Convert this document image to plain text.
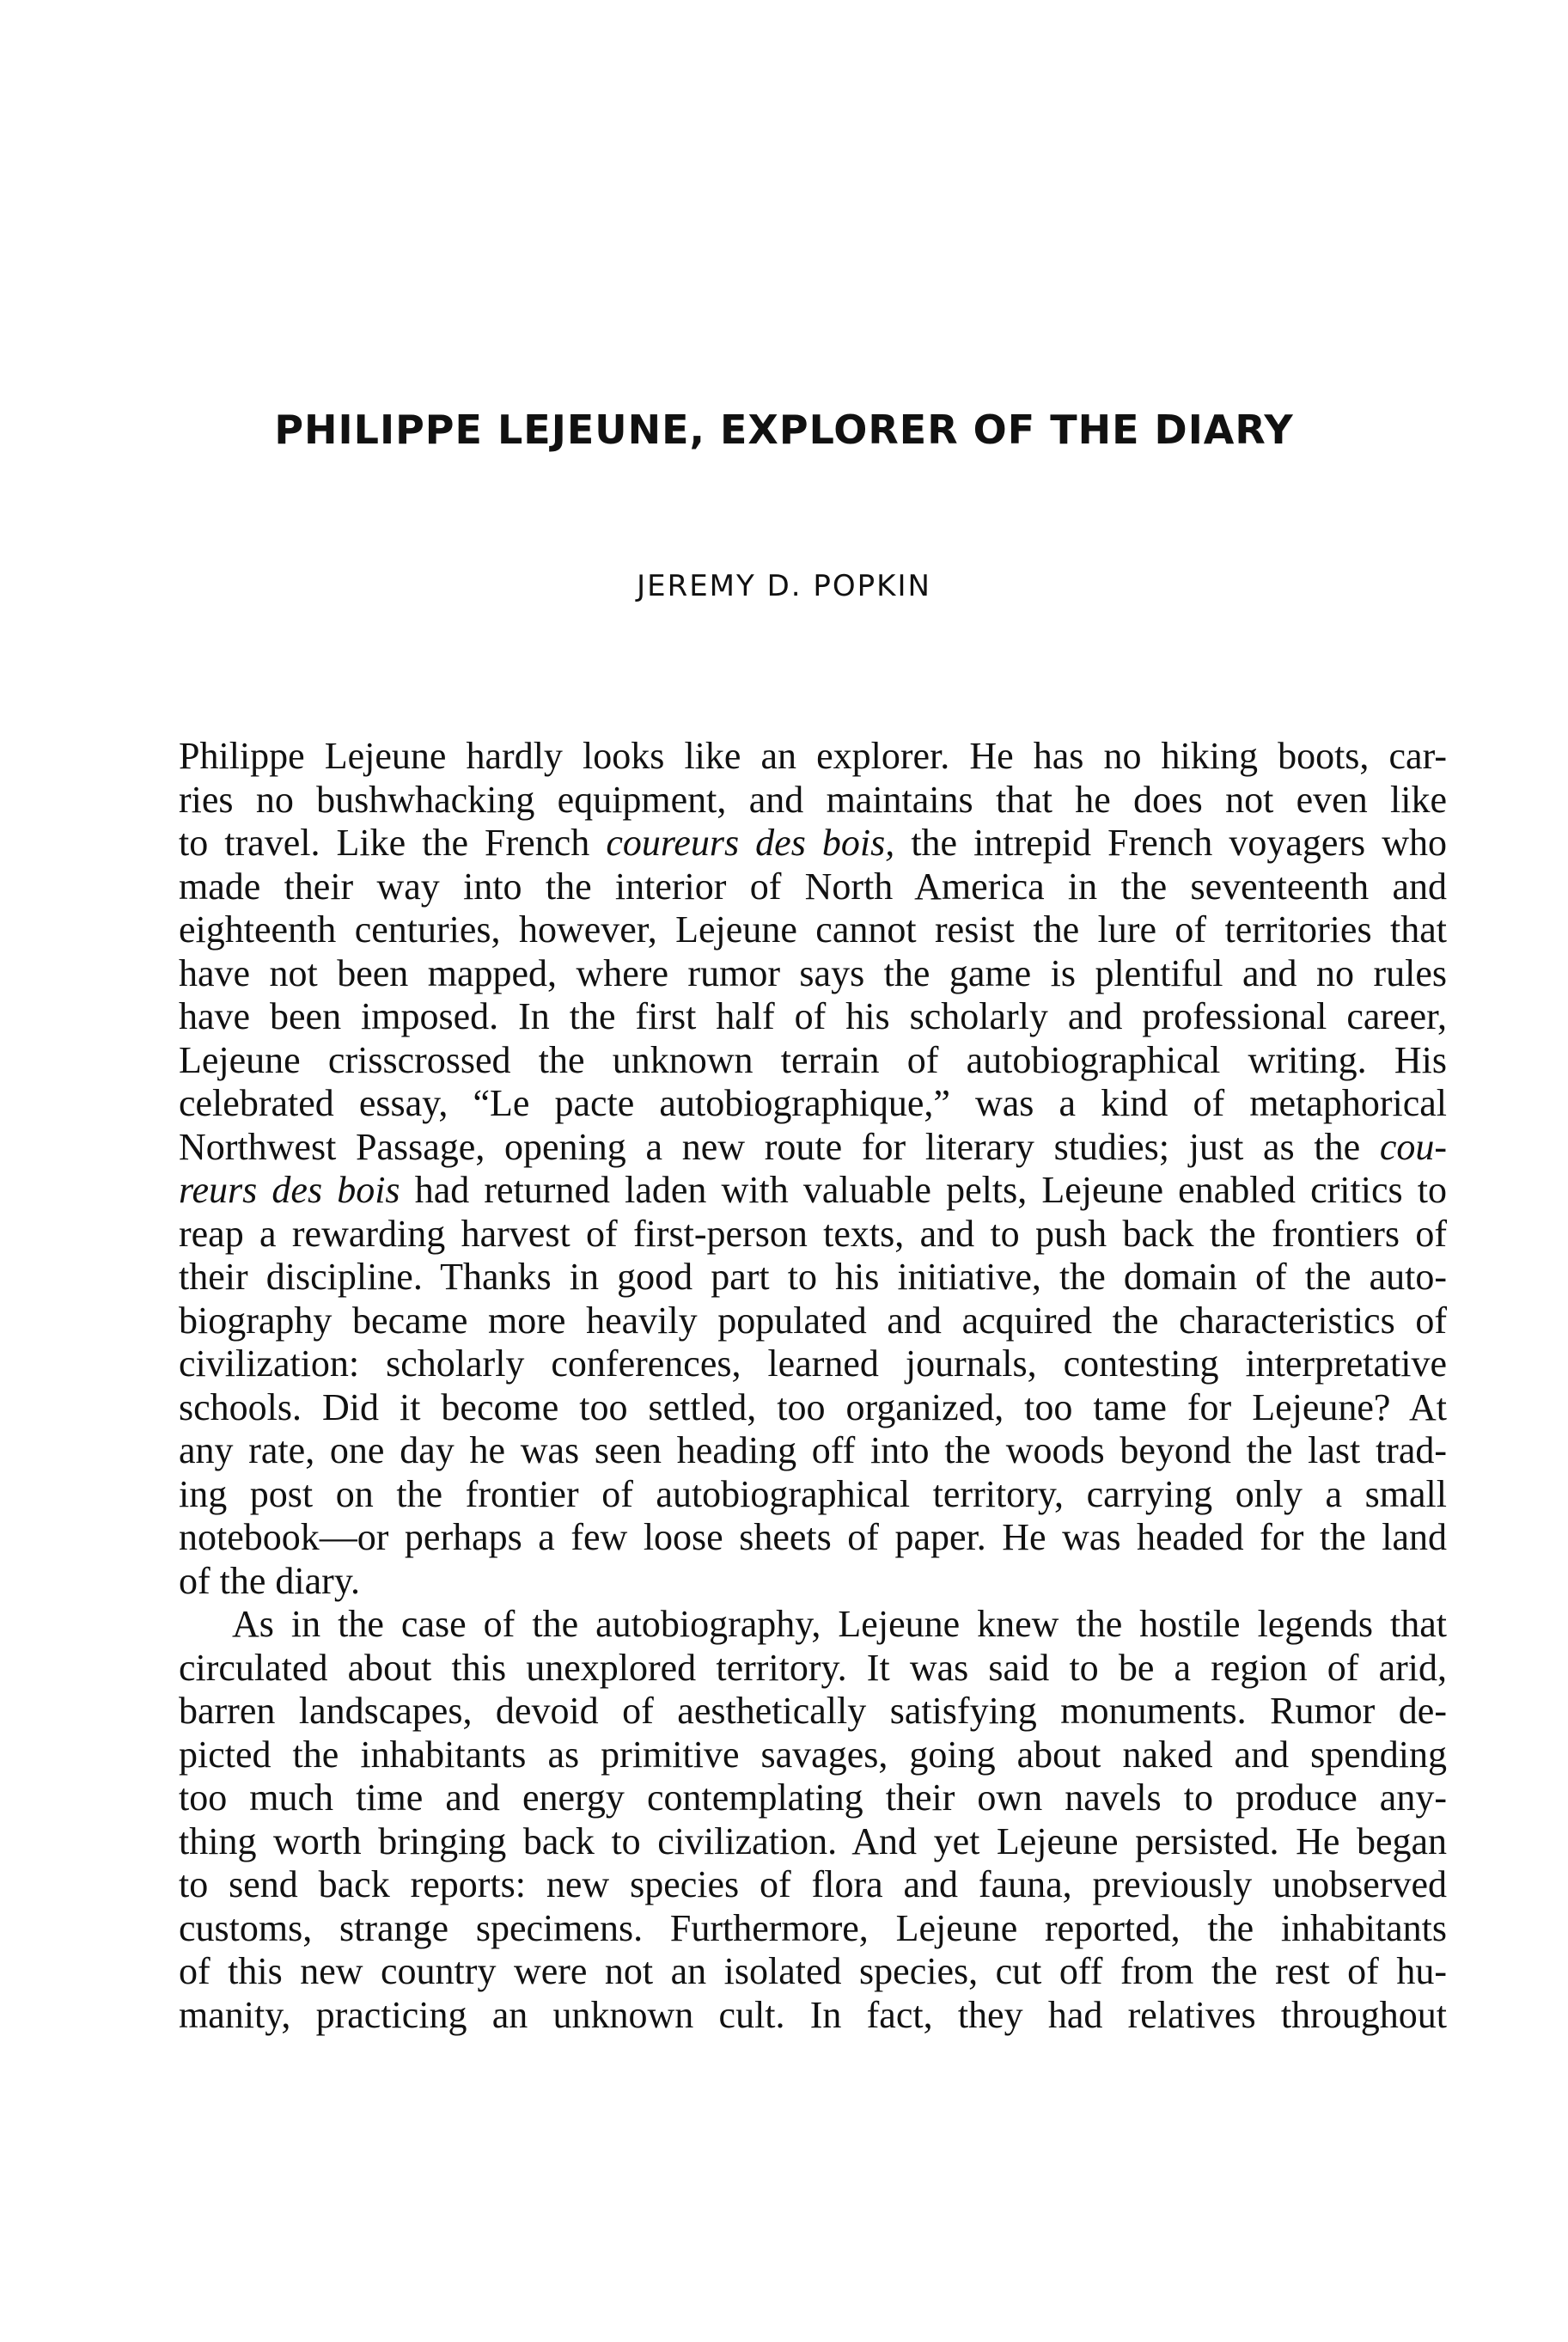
PHILIPPE LEJEUNE, EXPLORER OF THE DIARY
JEREMY D. POPKIN
Philippe Lejeune hardly looks like an explorer. He has no hiking boots, car-
ries no bushwhacking equipment, and maintains that he does not even like
to travel. Like the French coureurs des bois, the intrepid French voyagers who
made their way into the interior of North America in the seventeenth and
eighteenth centuries, however, Lejeune cannot resist the lure of territories that
have not been mapped, where rumor says the game is plentiful and no rules
have been imposed. In the first half of his scholarly and professional career,
Lejeune crisscrossed the unknown terrain of autobiographical writing. His
celebrated essay, “Le pacte autobiographique,” was a kind of metaphorical
Northwest Passage, opening a new route for literary studies; just as the cou-
reurs des bois had returned laden with valuable pelts, Lejeune enabled critics to
reap a rewarding harvest of first-person texts, and to push back the frontiers of
their discipline. Thanks in good part to his initiative, the domain of the auto-
biography became more heavily populated and acquired the characteristics of
civilization: scholarly conferences, learned journals, contesting interpretative
schools. Did it become too settled, too organized, too tame for Lejeune? At
any rate, one day he was seen heading off into the woods beyond the last trad-
ing post on the frontier of autobiographical territory, carrying only a small
notebook—or perhaps a few loose sheets of paper. He was headed for the land
of the diary.
As in the case of the autobiography, Lejeune knew the hostile legends that
circulated about this unexplored territory. It was said to be a region of arid,
barren landscapes, devoid of aesthetically satisfying monuments. Rumor de-
picted the inhabitants as primitive savages, going about naked and spending
too much time and energy contemplating their own navels to produce any-
thing worth bringing back to civilization. And yet Lejeune persisted. He began
to send back reports: new species of flora and fauna, previously unobserved
customs, strange specimens. Furthermore, Lejeune reported, the inhabitants
of this new country were not an isolated species, cut off from the rest of hu-
manity, practicing an unknown cult. In fact, they had relatives throughout
